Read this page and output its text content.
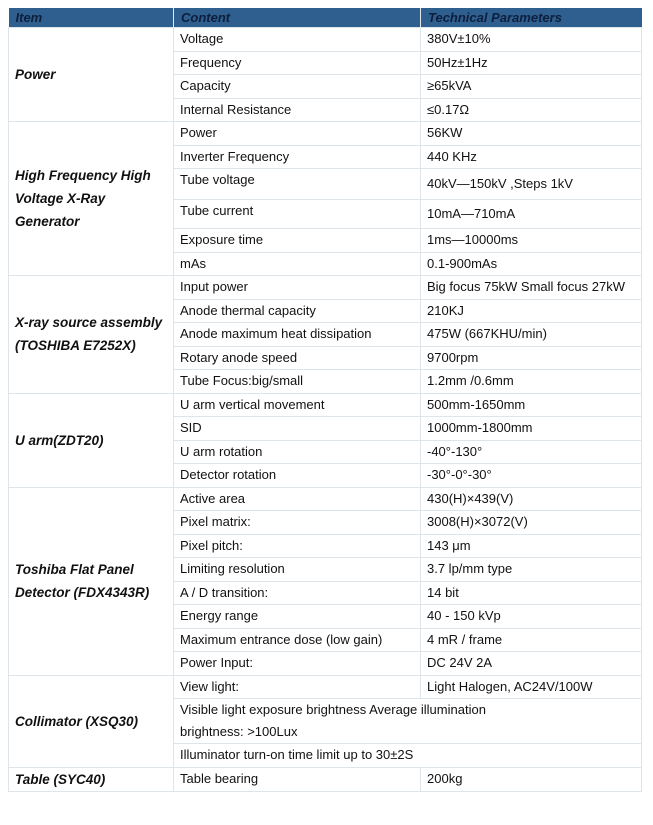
Item	Content	Technical Parameters
Power	Voltage	380V±10%
	Frequency	50Hz±1Hz
	Capacity	≥65kVA
	Internal Resistance	≤0.17Ω
High Frequency High Voltage X-Ray Generator	Power	56KW
	Inverter Frequency	440 KHz
	Tube voltage	40kV—150kV ,Steps 1kV
	Tube current	10mA—710mA
	Exposure time	1ms—10000ms
	mAs	0.1-900mAs
X-ray source assembly (TOSHIBA E7252X)	Input power	Big focus 75kW Small focus 27kW
	Anode thermal capacity	210KJ
	Anode maximum heat dissipation	475W (667KHU/min)
	Rotary anode speed	9700rpm
	Tube Focus:big/small	1.2mm /0.6mm
U arm(ZDT20)	U arm vertical movement	500mm-1650mm
	SID	1000mm-1800mm
	U arm rotation	-40°-130°
	Detector rotation	-30°-0°-30°
Toshiba Flat Panel Detector (FDX4343R)	Active area	430(H)×439(V)
	Pixel matrix:	3008(H)×3072(V)
	Pixel pitch:	143 μm
	Limiting resolution	3.7 lp/mm type
	A / D transition:	14 bit
	Energy range	40 - 150 kVp
	Maximum entrance dose (low gain)	4 mR / frame
	Power Input:	DC 24V 2A
Collimator (XSQ30)	View light:	Light Halogen, AC24V/100W
	Visible light exposure brightness Average illumination brightness: >100Lux	
	Illuminator turn-on time limit up to 30±2S	
Table (SYC40)	Table bearing	200kg
